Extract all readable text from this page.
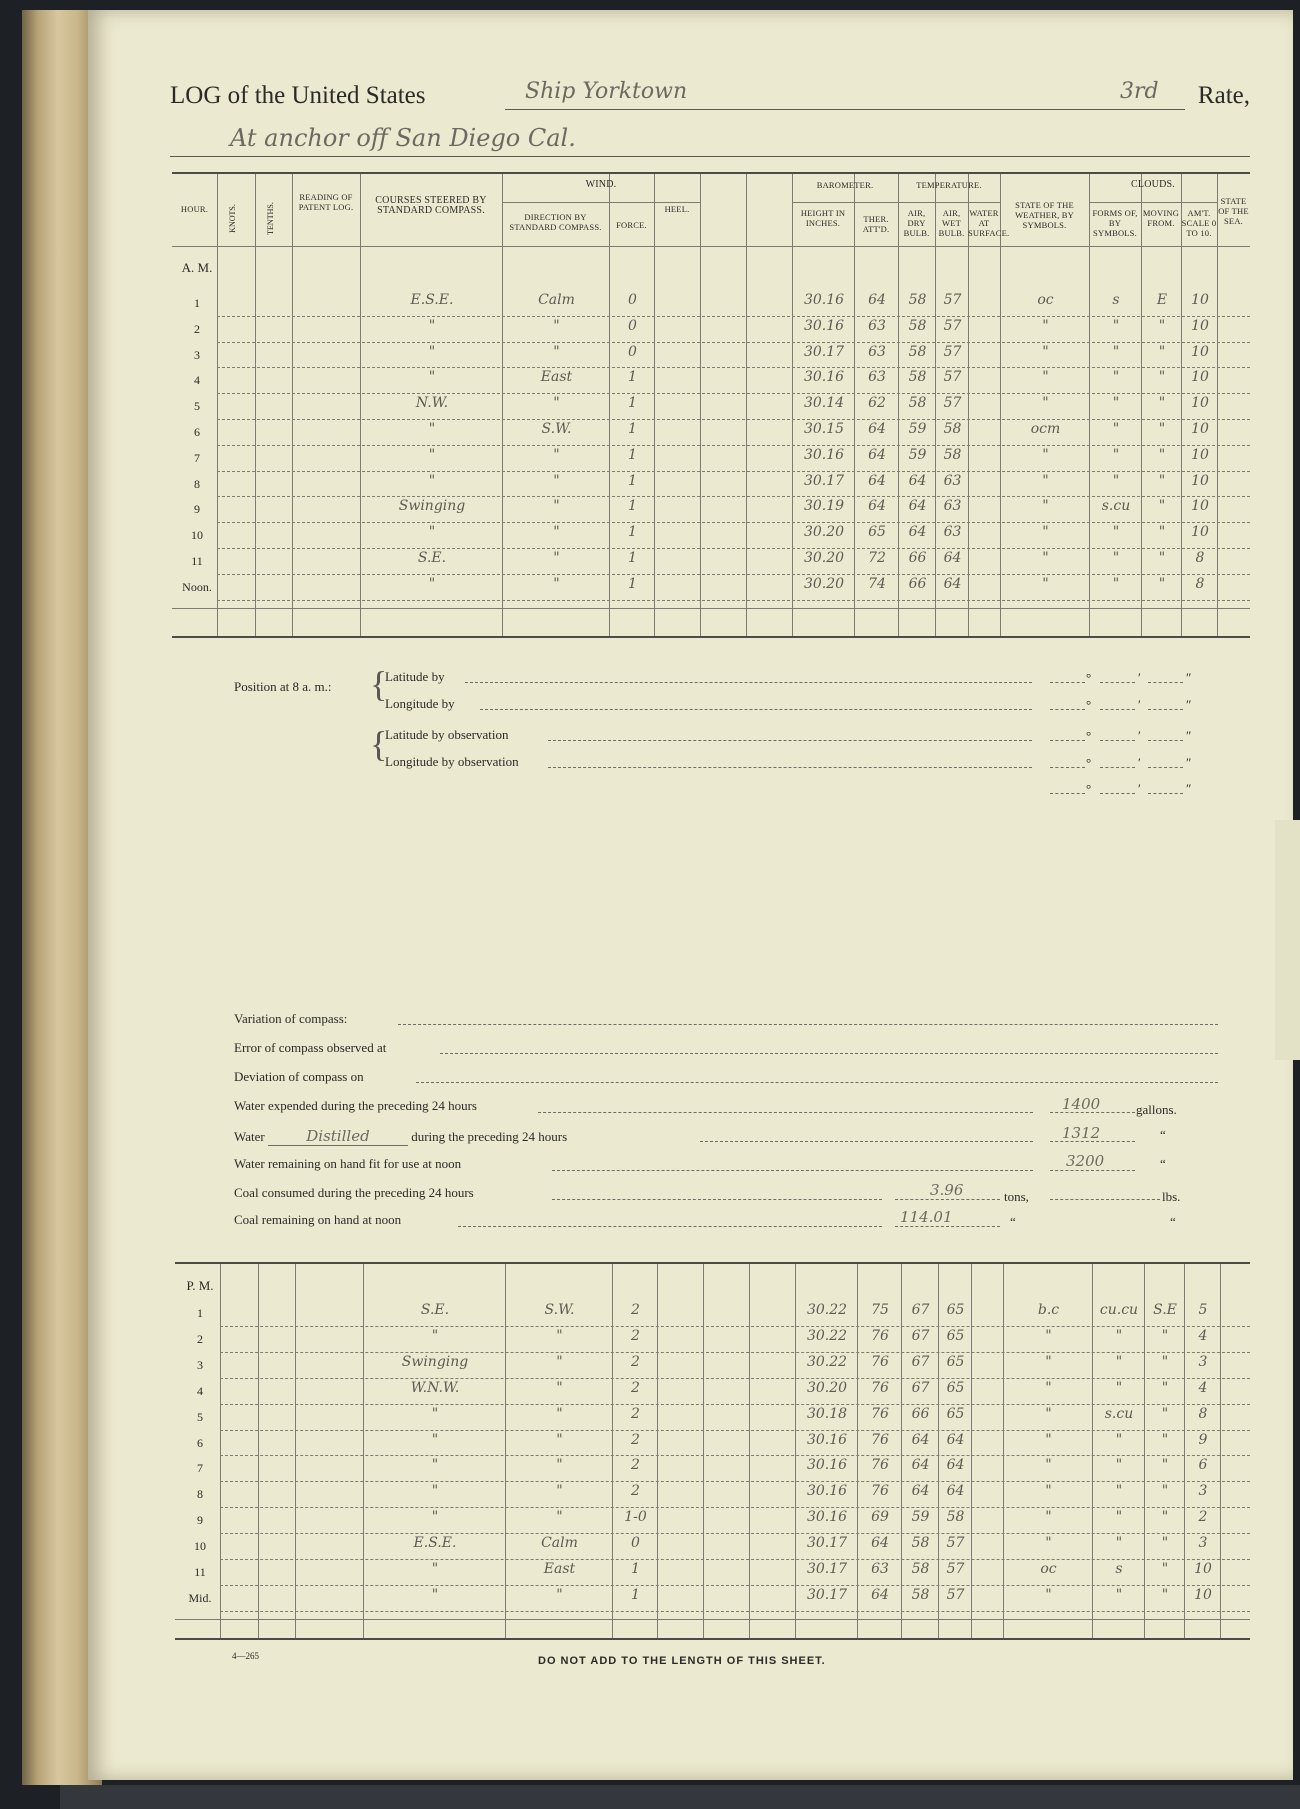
LOG of the United States	Rate,
Ship Yorktown	3rd
At anchor off San Diego Cal.
HOUR.	KNOTS.	TENTHS.
READING OF PATENT LOG.
COURSES STEERED BY STANDARD COMPASS.
WIND.
DIRECTION BY STANDARD COMPASS.	FORCE.
HEEL.
BAROMETER.
HEIGHT IN INCHES.	THER. ATT'D.
TEMPERATURE.
AIR, DRY BULB.
AIR, WET BULB.
WATER AT SURFACE.
STATE OF THE WEATHER, BY SYMBOLS.
CLOUDS.
FORMS OF, BY SYMBOLS.
MOVING FROM.
AM'T. SCALE 0 TO 10.
STATE OF THE SEA.
A. M.
1	E.S.E.	Calm	0	30.16	64	58	57	oc	s	E	10
2	"	"	0	30.16	63	58	57	"	"	"	10
3	"	"	0	30.17	63	58	57	"	"	"	10
4	"	East	1	30.16	63	58	57	"	"	"	10
5	N.W.	"	1	30.14	62	58	57	"	"	"	10
6	"	S.W.	1	30.15	64	59	58	ocm	"	"	10
7	"	"	1	30.16	64	59	58	"	"	"	10
8	"	"	1	30.17	64	64	63	"	"	"	10
9	Swinging	"	1	30.19	64	64	63	"	s.cu	"	10
10	"	"	1	30.20	65	64	63	"	"	"	10
11	S.E.	"	1	30.20	72	66	64	"	"	"	8
Noon.	"	"	1	30.20	74	66	64	"	"	"	8
Position at 8 a. m.: {
{
Latitude by
Longitude by
Latitude by observation
Longitude by observation
°	′	″
°	′	″
°	′	″
°	′	″
°	′	″
Variation of compass:
Error of compass observed at
Deviation of compass on
Water expended during the preceding 24 hours	1400	gallons.
Water	Distilled	during the preceding 24 hours	1312	“
Water remaining on hand fit for use at noon	3200	“
Coal consumed during the preceding 24 hours	3.96	tons,	lbs.
Coal remaining on hand at noon	114.01	“	“
P. M.
1	S.E.	S.W.	2	30.22	75	67	65	b.c	cu.cu	S.E	5
2	"	"	2	30.22	76	67	65	"	"	"	4
3	Swinging	"	2	30.22	76	67	65	"	"	"	3
4	W.N.W.	"	2	30.20	76	67	65	"	"	"	4
5	"	"	2	30.18	76	66	65	"	s.cu	"	8
6	"	"	2	30.16	76	64	64	"	"	"	9
7	"	"	2	30.16	76	64	64	"	"	"	6
8	"	"	2	30.16	76	64	64	"	"	"	3
9	"	"	1-0	30.16	69	59	58	"	"	"	2
10	E.S.E.	Calm	0	30.17	64	58	57	"	"	"	3
11	"	East	1	30.17	63	58	57	oc	s	"	10
Mid.	"	"	1	30.17	64	58	57	"	"	"	10
4—265	DO NOT ADD TO THE LENGTH OF THIS SHEET.
